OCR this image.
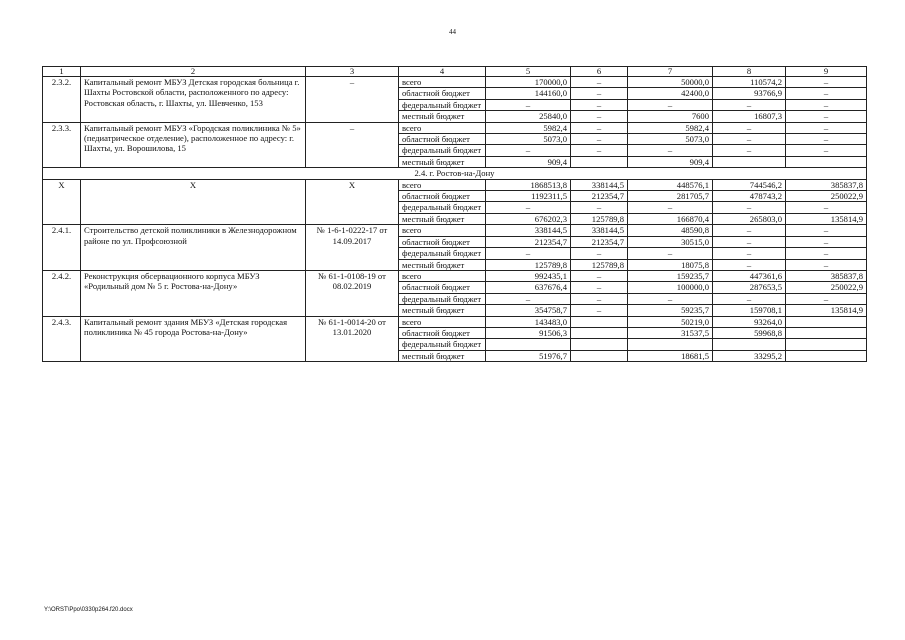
44
1	2	3	4	5	6	7	8	9
2.3.2.	Капитальный ремонт МБУЗ Детская городская больница г. Шахты Ростовской области, расположенного по адресу: Ростовская область, г. Шахты, ул. Шевченко, 153	–	всего	170000,0	–	50000,0	110574,2	–
			областной бюджет	144160,0	–	42400,0	93766,9	–

			федеральный бюджет	–	–	–	–	–

			местный бюджет	25840,0	–	7600	16807,3	–
2.3.3.	Капитальный ремонт МБУЗ «Городская поликлиника № 5» (педиатрическое отделение), расположенное по адресу: г. Шахты, ул. Ворошилова, 15	–	всего	5982,4	–	5982,4	–	–
			областной бюджет	5073,0	–	5073,0	–	–

			федеральный бюджет	–	–	–	–	–

			местный бюджет	909,4		909,4		
2.4. г. Ростов-на-Дону								
Х	Х	Х	всего	1868513,8	338144,5	448576,1	744546,2	385837,8
			областной бюджет	1192311,5	212354,7	281705,7	478743,2	250022,9

			федеральный бюджет	–	–	–	–	–

			местный бюджет	676202,3	125789,8	166870,4	265803,0	135814,9
2.4.1.	Строительство детской поликлиники в Железнодорожном районе по ул. Профсоюзной	№ 1-6-1-0222-17 от 14.09.2017	всего	338144,5	338144,5	48590,8	–	–
			областной бюджет	212354,7	212354,7	30515,0	–	–

			федеральный бюджет	–	–	–	–	–

			местный бюджет	125789,8	125789,8	18075,8	–	–
2.4.2.	Реконструкция обсервационного корпуса МБУЗ «Родильный дом № 5 г. Ростова-на-Дону»	№ 61-1-0108-19 от 08.02.2019	всего	992435,1	–	159235,7	447361,6	385837,8
			областной бюджет	637676,4	–	100000,0	287653,5	250022,9

			федеральный бюджет	–	–	–	–	–

			местный бюджет	354758,7	–	59235,7	159708,1	135814,9
2.4.3.	Капитальный ремонт здания МБУЗ «Детская городская поликлиника № 45 города Ростова-на-Дону»	№ 61-1-0014-20 от 13.01.2020	всего	143483,0		50219,0	93264,0	
			областной бюджет	91506,3		31537,5	59968,8	

			федеральный бюджет					

			местный бюджет	51976,7		18681,5	33295,2	
Y:\ORST\Ppo\0330p264.f20.docx
